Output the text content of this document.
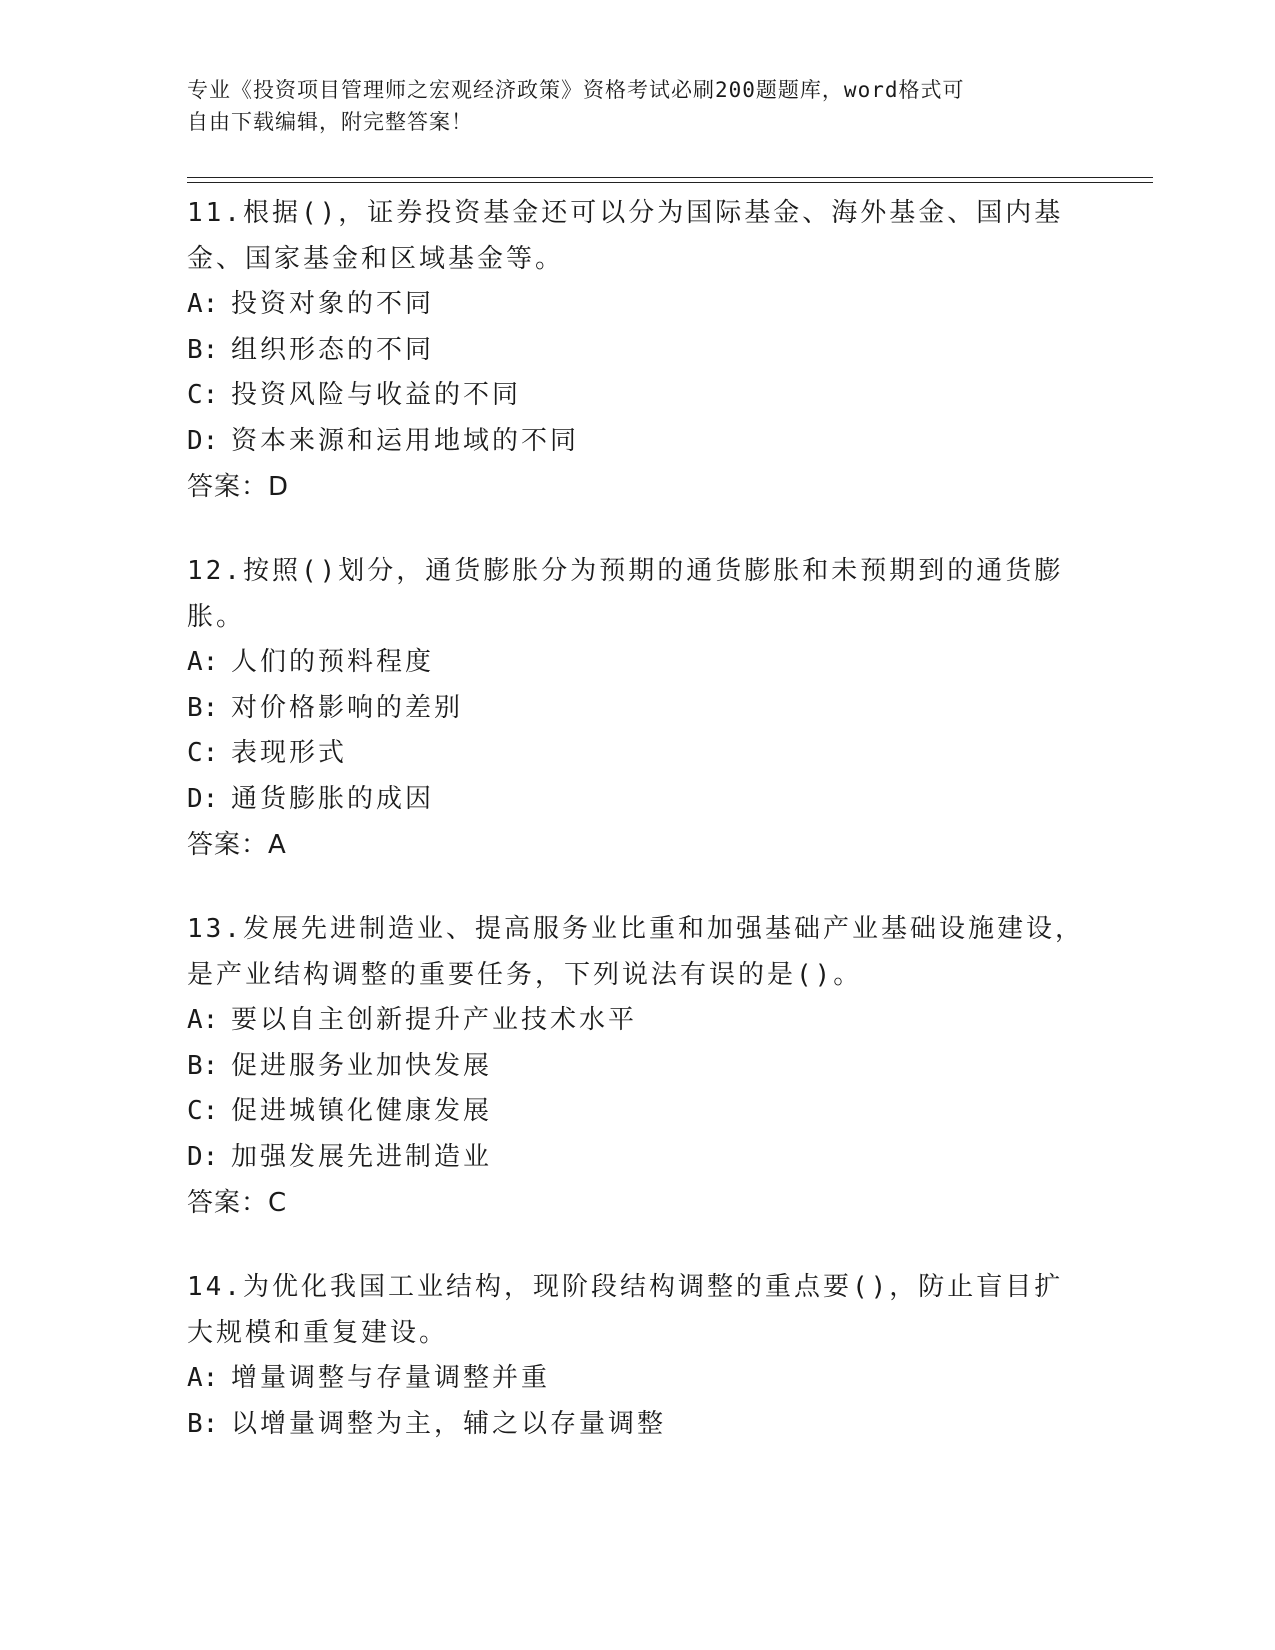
专业《投资项目管理师之宏观经济政策》资格考试必刷200题题库，word格式可
自由下载编辑，附完整答案！

11.根据()，证券投资基金还可以分为国际基金、海外基金、国内基金、国家基金和区域基金等。

A: 投资对象的不同
B: 组织形态的不同
C: 投资风险与收益的不同
D: 资本来源和运用地域的不同

答案：D

12.按照()划分，通货膨胀分为预期的通货膨胀和未预期到的通货膨胀。

A: 人们的预料程度
B: 对价格影响的差别
C: 表现形式
D: 通货膨胀的成因

答案：A

13.发展先进制造业、提高服务业比重和加强基础产业基础设施建设，是产业结构调整的重要任务，下列说法有误的是()。

A: 要以自主创新提升产业技术水平
B: 促进服务业加快发展
C: 促进城镇化健康发展
D: 加强发展先进制造业

答案：C

14.为优化我国工业结构，现阶段结构调整的重点要()，防止盲目扩大规模和重复建设。

A: 增量调整与存量调整并重
B: 以增量调整为主，辅之以存量调整
